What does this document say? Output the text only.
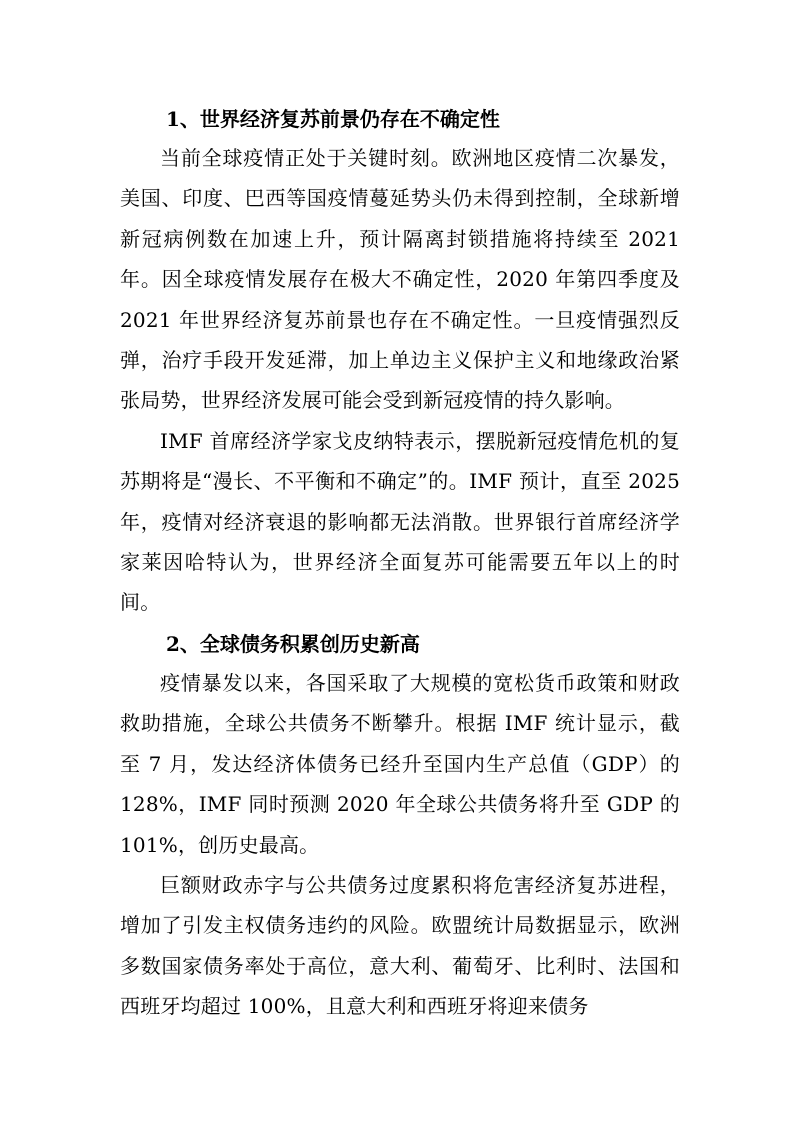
1、世界经济复苏前景仍存在不确定性

当前全球疫情正处于关键时刻。欧洲地区疫情二次暴发，美国、印度、巴西等国疫情蔓延势头仍未得到控制，全球新增新冠病例数在加速上升，预计隔离封锁措施将持续至 2021 年。因全球疫情发展存在极大不确定性，2020 年第四季度及 2021 年世界经济复苏前景也存在不确定性。一旦疫情强烈反弹，治疗手段开发延滞，加上单边主义保护主义和地缘政治紧张局势，世界经济发展可能会受到新冠疫情的持久影响。

IMF 首席经济学家戈皮纳特表示，摆脱新冠疫情危机的复苏期将是“漫长、不平衡和不确定”的。IMF 预计，直至 2025 年，疫情对经济衰退的影响都无法消散。世界银行首席经济学家莱因哈特认为，世界经济全面复苏可能需要五年以上的时间。

2、全球债务积累创历史新高

疫情暴发以来，各国采取了大规模的宽松货币政策和财政救助措施，全球公共债务不断攀升。根据 IMF 统计显示，截至 7 月，发达经济体债务已经升至国内生产总值（GDP）的 128%，IMF 同时预测 2020 年全球公共债务将升至 GDP 的 101%，创历史最高。

巨额财政赤字与公共债务过度累积将危害经济复苏进程，增加了引发主权债务违约的风险。欧盟统计局数据显示，欧洲多数国家债务率处于高位，意大利、葡萄牙、比利时、法国和西班牙均超过 100%，且意大利和西班牙将迎来债务
